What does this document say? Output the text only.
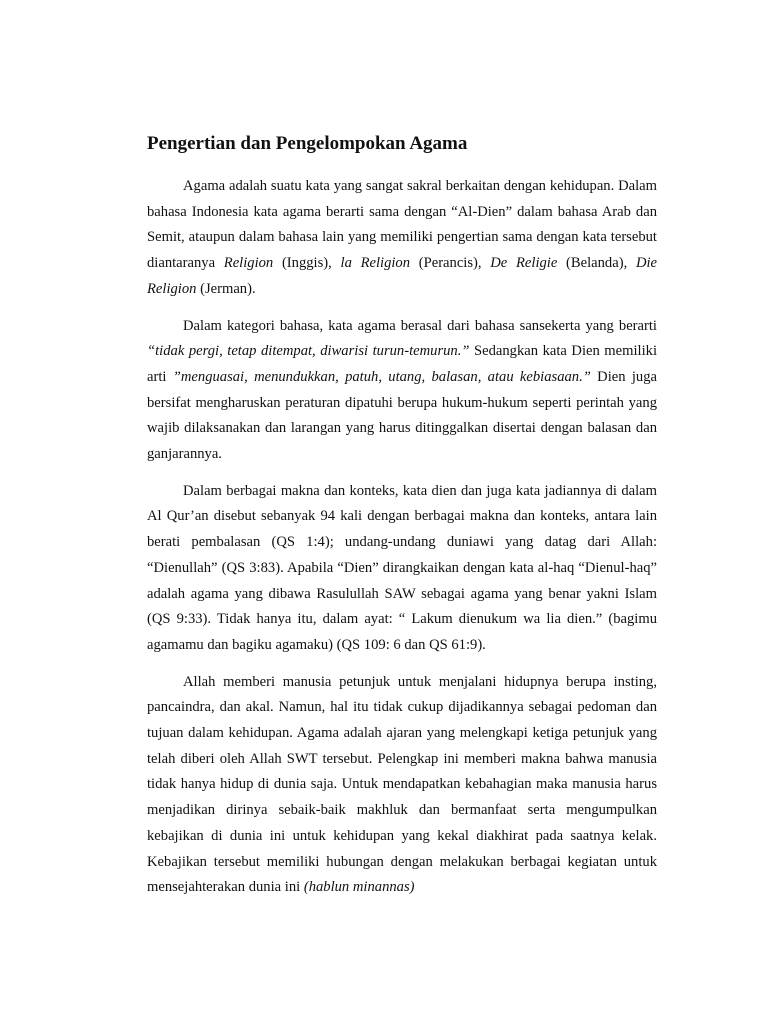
Pengertian dan Pengelompokan Agama

Agama adalah suatu kata yang sangat sakral berkaitan dengan kehidupan. Dalam bahasa Indonesia kata agama berarti sama dengan “Al-Dien” dalam bahasa Arab dan Semit, ataupun dalam bahasa lain yang memiliki pengertian sama dengan kata tersebut diantaranya Religion (Inggis), la Religion (Perancis), De Religie (Belanda), Die Religion (Jerman).

Dalam kategori bahasa, kata agama berasal dari bahasa sansekerta yang berarti “tidak pergi, tetap ditempat, diwarisi turun-temurun.” Sedangkan kata Dien memiliki arti ”menguasai, menundukkan, patuh, utang, balasan, atau kebiasaan.” Dien juga bersifat mengharuskan peraturan dipatuhi berupa hukum-hukum seperti perintah yang wajib dilaksanakan dan larangan yang harus ditinggalkan disertai dengan balasan dan ganjarannya.

Dalam berbagai makna dan konteks, kata dien dan juga kata jadiannya di dalam Al Qur’an disebut sebanyak 94 kali dengan berbagai makna dan konteks, antara lain berati pembalasan (QS 1:4); undang-undang duniawi yang datag dari Allah: “Dienullah” (QS 3:83). Apabila “Dien” dirangkaikan dengan kata al-haq “Dienul-haq” adalah agama yang dibawa Rasulullah SAW sebagai agama yang benar yakni Islam (QS 9:33). Tidak hanya itu, dalam ayat: “ Lakum dienukum wa lia dien.” (bagimu agamamu dan bagiku agamaku) (QS 109: 6 dan QS 61:9).

Allah memberi manusia petunjuk untuk menjalani hidupnya berupa insting, pancaindra, dan akal. Namun, hal itu tidak cukup dijadikannya sebagai pedoman dan tujuan dalam kehidupan. Agama adalah ajaran yang melengkapi ketiga petunjuk yang telah diberi oleh Allah SWT tersebut. Pelengkap ini memberi makna bahwa manusia tidak hanya hidup di dunia saja. Untuk mendapatkan kebahagian maka manusia harus menjadikan dirinya sebaik-baik makhluk dan bermanfaat serta mengumpulkan kebajikan di dunia ini untuk kehidupan yang kekal diakhirat pada saatnya kelak. Kebajikan tersebut memiliki hubungan dengan melakukan berbagai kegiatan untuk mensejahterakan dunia ini (hablun minannas)
